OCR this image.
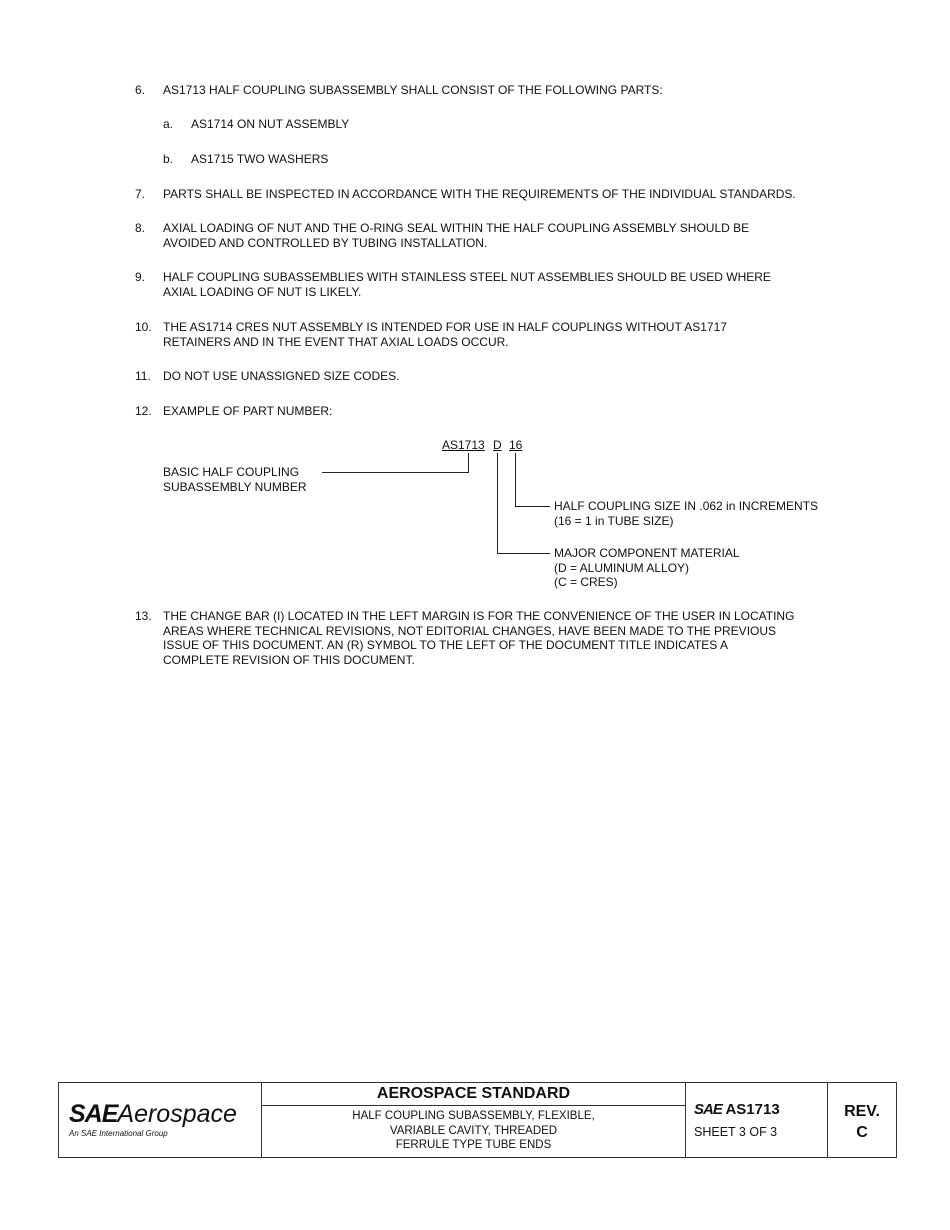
6. AS1713 HALF COUPLING SUBASSEMBLY SHALL CONSIST OF THE FOLLOWING PARTS:
a. AS1714 ON NUT ASSEMBLY
b. AS1715 TWO WASHERS
7. PARTS SHALL BE INSPECTED IN ACCORDANCE WITH THE REQUIREMENTS OF THE INDIVIDUAL STANDARDS.
8. AXIAL LOADING OF NUT AND THE O-RING SEAL WITHIN THE HALF COUPLING ASSEMBLY SHOULD BE
AVOIDED AND CONTROLLED BY TUBING INSTALLATION.
9. HALF COUPLING SUBASSEMBLIES WITH STAINLESS STEEL NUT ASSEMBLIES SHOULD BE USED WHERE
AXIAL LOADING OF NUT IS LIKELY.
10. THE AS1714 CRES NUT ASSEMBLY IS INTENDED FOR USE IN HALF COUPLINGS WITHOUT AS1717
RETAINERS AND IN THE EVENT THAT AXIAL LOADS OCCUR.
11. DO NOT USE UNASSIGNED SIZE CODES.
12. EXAMPLE OF PART NUMBER:
AS1713 D 16
BASIC HALF COUPLING
SUBASSEMBLY NUMBER
HALF COUPLING SIZE IN .062 in INCREMENTS
(16 = 1 in TUBE SIZE)
MAJOR COMPONENT MATERIAL
(D = ALUMINUM ALLOY)
(C = CRES)
13. THE CHANGE BAR (I) LOCATED IN THE LEFT MARGIN IS FOR THE CONVENIENCE OF THE USER IN LOCATING
AREAS WHERE TECHNICAL REVISIONS, NOT EDITORIAL CHANGES, HAVE BEEN MADE TO THE PREVIOUS
ISSUE OF THIS DOCUMENT. AN (R) SYMBOL TO THE LEFT OF THE DOCUMENT TITLE INDICATES A
COMPLETE REVISION OF THIS DOCUMENT.
SAEAerospace
An SAE International Group
AEROSPACE STANDARD
HALF COUPLING SUBASSEMBLY, FLEXIBLE,
VARIABLE CAVITY, THREADED
FERRULE TYPE TUBE ENDS
SAE AS1713
SHEET 3 OF 3
REV.
C
